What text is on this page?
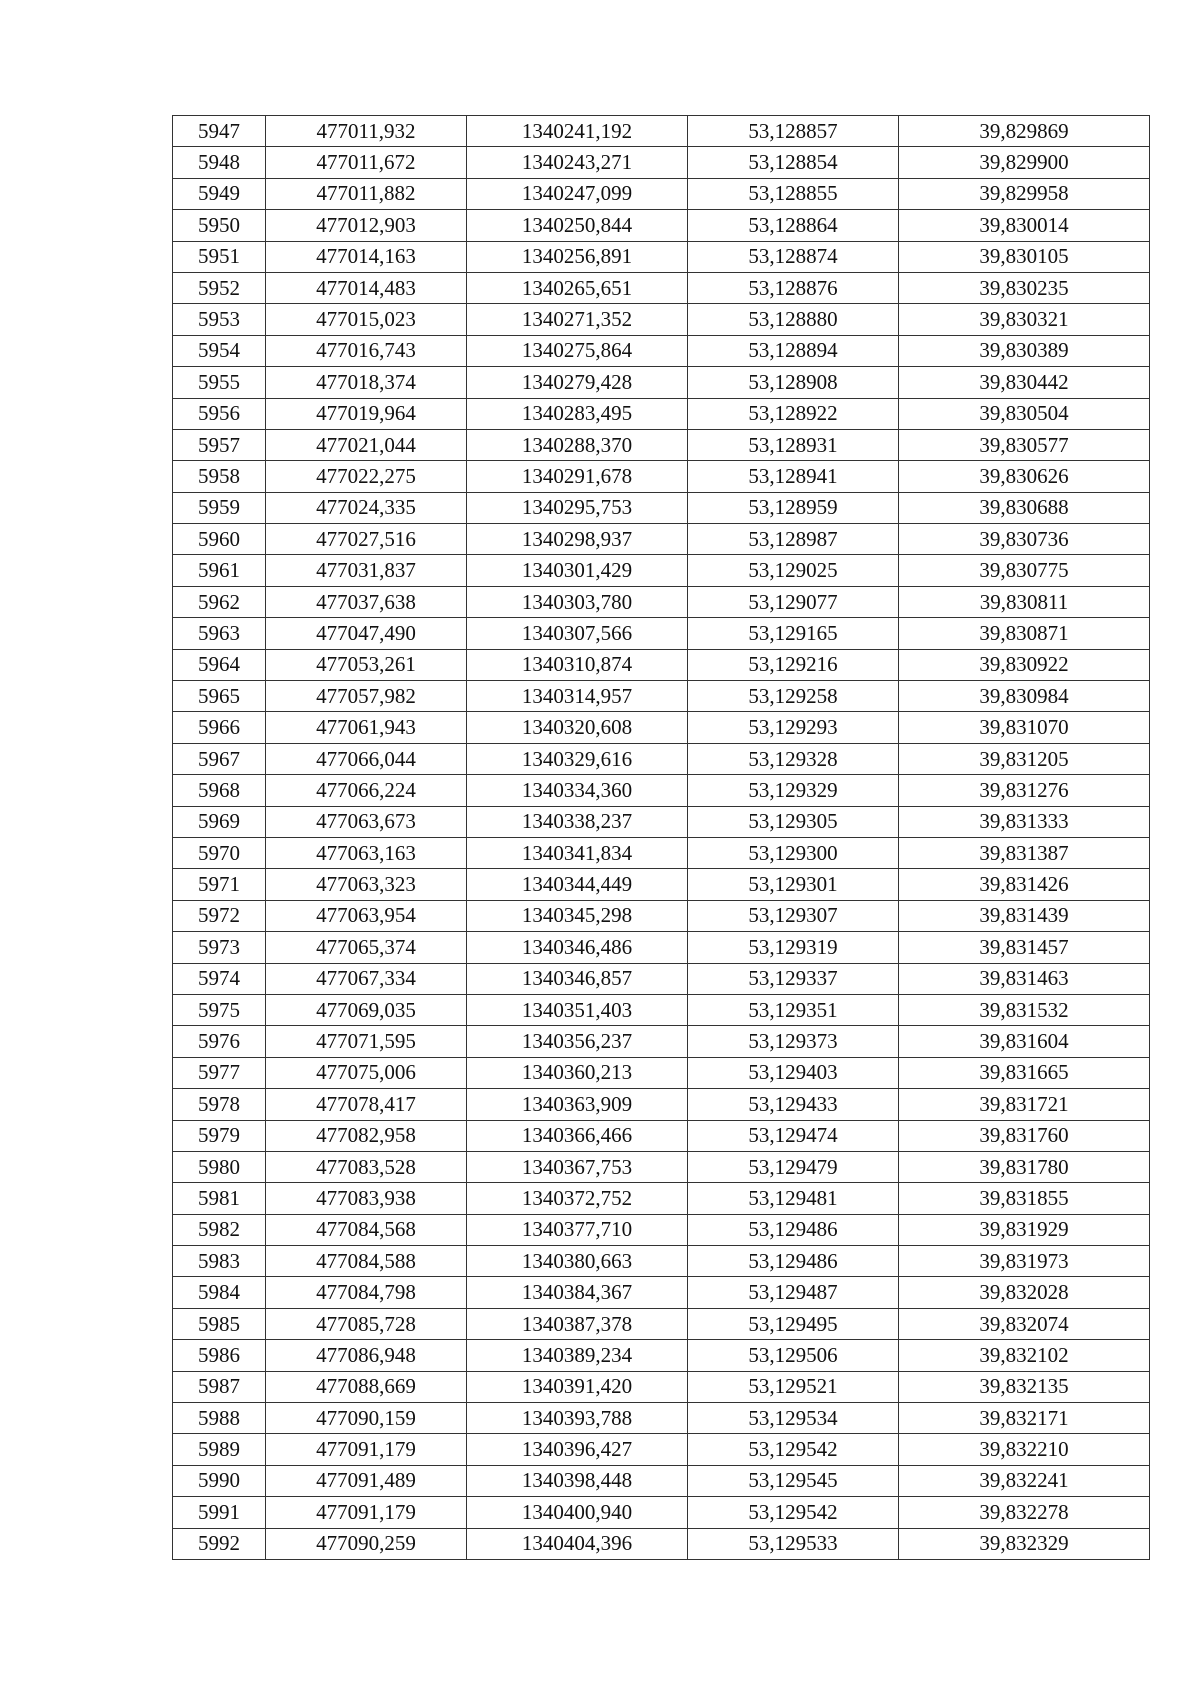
5947	477011,932	1340241,192	53,128857	39,829869
5948	477011,672	1340243,271	53,128854	39,829900
5949	477011,882	1340247,099	53,128855	39,829958
5950	477012,903	1340250,844	53,128864	39,830014
5951	477014,163	1340256,891	53,128874	39,830105
5952	477014,483	1340265,651	53,128876	39,830235
5953	477015,023	1340271,352	53,128880	39,830321
5954	477016,743	1340275,864	53,128894	39,830389
5955	477018,374	1340279,428	53,128908	39,830442
5956	477019,964	1340283,495	53,128922	39,830504
5957	477021,044	1340288,370	53,128931	39,830577
5958	477022,275	1340291,678	53,128941	39,830626
5959	477024,335	1340295,753	53,128959	39,830688
5960	477027,516	1340298,937	53,128987	39,830736
5961	477031,837	1340301,429	53,129025	39,830775
5962	477037,638	1340303,780	53,129077	39,830811
5963	477047,490	1340307,566	53,129165	39,830871
5964	477053,261	1340310,874	53,129216	39,830922
5965	477057,982	1340314,957	53,129258	39,830984
5966	477061,943	1340320,608	53,129293	39,831070
5967	477066,044	1340329,616	53,129328	39,831205
5968	477066,224	1340334,360	53,129329	39,831276
5969	477063,673	1340338,237	53,129305	39,831333
5970	477063,163	1340341,834	53,129300	39,831387
5971	477063,323	1340344,449	53,129301	39,831426
5972	477063,954	1340345,298	53,129307	39,831439
5973	477065,374	1340346,486	53,129319	39,831457
5974	477067,334	1340346,857	53,129337	39,831463
5975	477069,035	1340351,403	53,129351	39,831532
5976	477071,595	1340356,237	53,129373	39,831604
5977	477075,006	1340360,213	53,129403	39,831665
5978	477078,417	1340363,909	53,129433	39,831721
5979	477082,958	1340366,466	53,129474	39,831760
5980	477083,528	1340367,753	53,129479	39,831780
5981	477083,938	1340372,752	53,129481	39,831855
5982	477084,568	1340377,710	53,129486	39,831929
5983	477084,588	1340380,663	53,129486	39,831973
5984	477084,798	1340384,367	53,129487	39,832028
5985	477085,728	1340387,378	53,129495	39,832074
5986	477086,948	1340389,234	53,129506	39,832102
5987	477088,669	1340391,420	53,129521	39,832135
5988	477090,159	1340393,788	53,129534	39,832171
5989	477091,179	1340396,427	53,129542	39,832210
5990	477091,489	1340398,448	53,129545	39,832241
5991	477091,179	1340400,940	53,129542	39,832278
5992	477090,259	1340404,396	53,129533	39,832329
